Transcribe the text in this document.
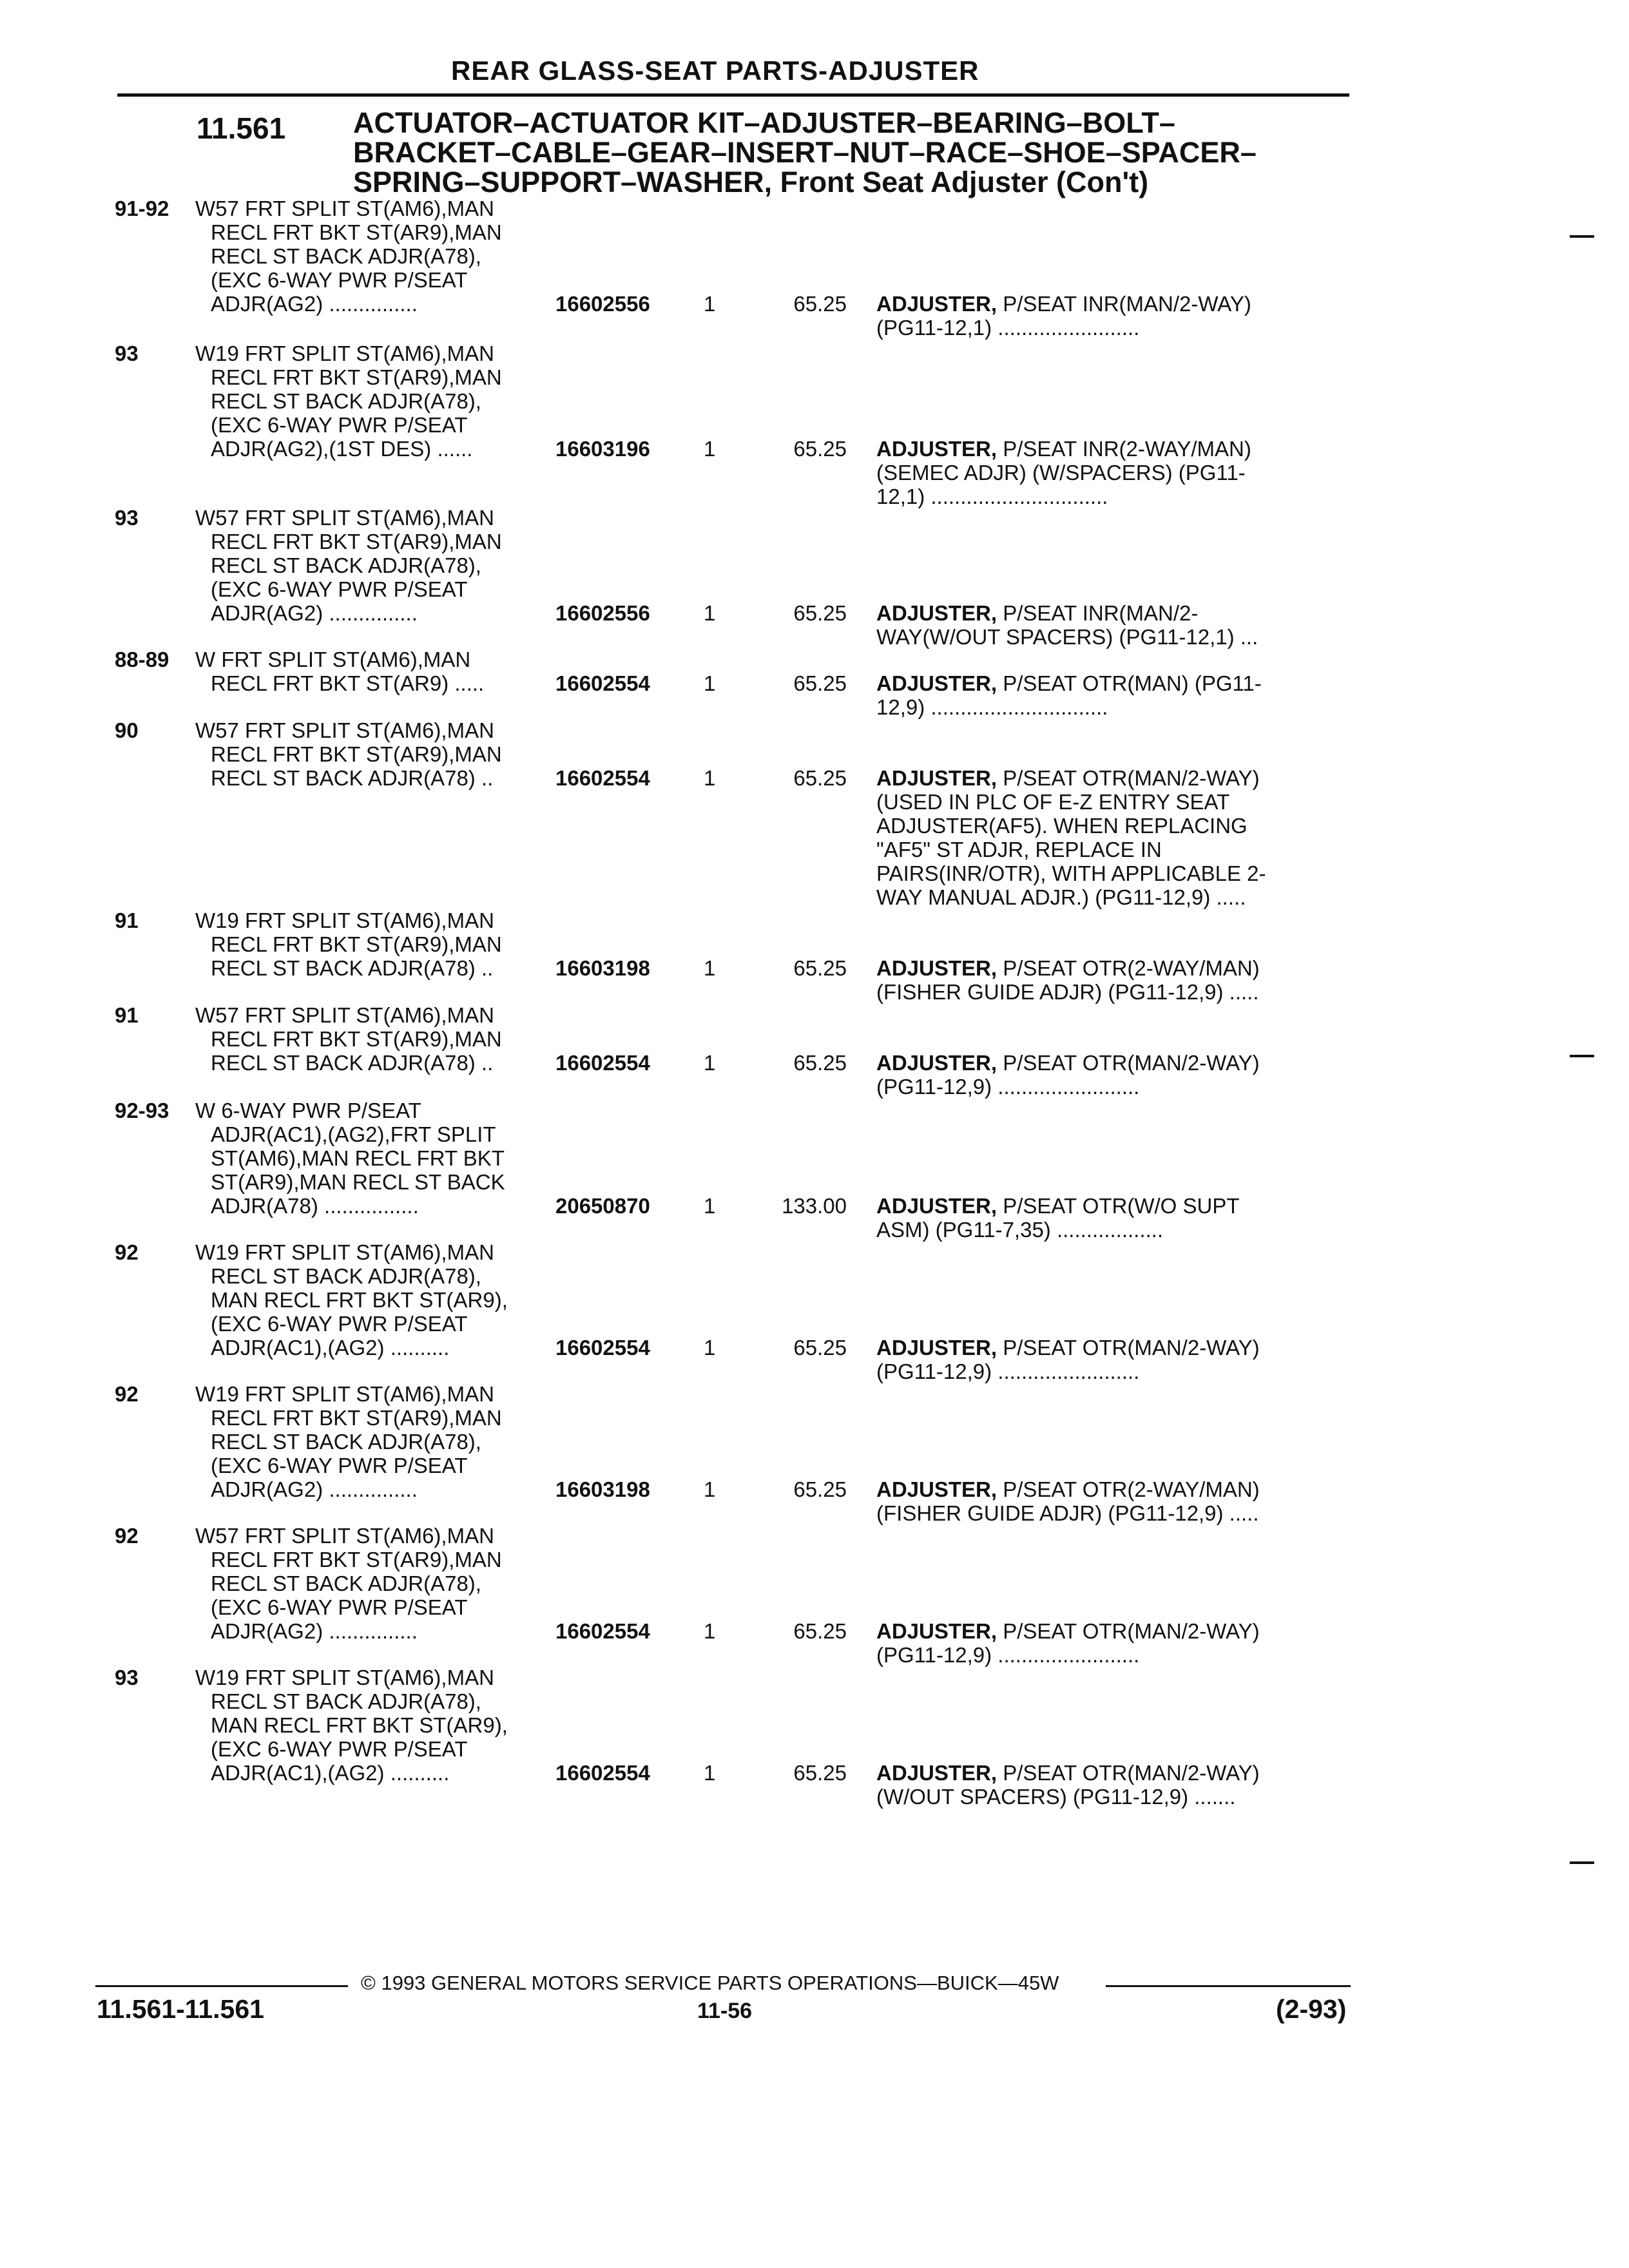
REAR GLASS-SEAT PARTS-ADJUSTER
11.561 ACTUATOR–ACTUATOR KIT–ADJUSTER–BEARING–BOLT–
BRACKET–CABLE–GEAR–INSERT–NUT–RACE–SHOE–SPACER–
SPRING–SUPPORT–WASHER, Front Seat Adjuster (Con't)
91-92 W57 FRT SPLIT ST(AM6),MAN
RECL FRT BKT ST(AR9),MAN
RECL ST BACK ADJR(A78),
(EXC 6-WAY PWR P/SEAT
ADJR(AG2) ...............	16602556	1	65.25 ADJUSTER, P/SEAT INR(MAN/2-WAY)
(PG11-12,1) ........................
93	W19 FRT SPLIT ST(AM6),MAN
RECL FRT BKT ST(AR9),MAN
RECL ST BACK ADJR(A78),
(EXC 6-WAY PWR P/SEAT
ADJR(AG2),(1ST DES) ......	16603196	1	65.25 ADJUSTER, P/SEAT INR(2-WAY/MAN)
(SEMEC ADJR) (W/SPACERS) (PG11-
12,1) ..............................
93	W57 FRT SPLIT ST(AM6),MAN
RECL FRT BKT ST(AR9),MAN
RECL ST BACK ADJR(A78),
(EXC 6-WAY PWR P/SEAT
ADJR(AG2) ...............	16602556	1	65.25 ADJUSTER, P/SEAT INR(MAN/2-
WAY(W/OUT SPACERS) (PG11-12,1) ...
88-89 W FRT SPLIT ST(AM6),MAN
RECL FRT BKT ST(AR9) .....	16602554	1	65.25 ADJUSTER, P/SEAT OTR(MAN) (PG11-
12,9) ..............................
90	W57 FRT SPLIT ST(AM6),MAN
RECL FRT BKT ST(AR9),MAN
RECL ST BACK ADJR(A78) ..	16602554	1	65.25 ADJUSTER, P/SEAT OTR(MAN/2-WAY)
(USED IN PLC OF E-Z ENTRY SEAT
ADJUSTER(AF5). WHEN REPLACING
"AF5" ST ADJR, REPLACE IN
PAIRS(INR/OTR), WITH APPLICABLE 2-
WAY MANUAL ADJR.) (PG11-12,9) .....
91	W19 FRT SPLIT ST(AM6),MAN
RECL FRT BKT ST(AR9),MAN
RECL ST BACK ADJR(A78) ..	16603198	1	65.25 ADJUSTER, P/SEAT OTR(2-WAY/MAN)
(FISHER GUIDE ADJR) (PG11-12,9) .....
91	W57 FRT SPLIT ST(AM6),MAN
RECL FRT BKT ST(AR9),MAN
RECL ST BACK ADJR(A78) ..	16602554	1	65.25 ADJUSTER, P/SEAT OTR(MAN/2-WAY)
(PG11-12,9) ........................
92-93 W 6-WAY PWR P/SEAT
ADJR(AC1),(AG2),FRT SPLIT
ST(AM6),MAN RECL FRT BKT
ST(AR9),MAN RECL ST BACK
ADJR(A78) ................	20650870	1	133.00 ADJUSTER, P/SEAT OTR(W/O SUPT
ASM) (PG11-7,35) ..................
92	W19 FRT SPLIT ST(AM6),MAN
RECL ST BACK ADJR(A78),
MAN RECL FRT BKT ST(AR9),
(EXC 6-WAY PWR P/SEAT
ADJR(AC1),(AG2) ..........	16602554	1	65.25 ADJUSTER, P/SEAT OTR(MAN/2-WAY)
(PG11-12,9) ........................
92	W19 FRT SPLIT ST(AM6),MAN
RECL FRT BKT ST(AR9),MAN
RECL ST BACK ADJR(A78),
(EXC 6-WAY PWR P/SEAT
ADJR(AG2) ...............	16603198	1	65.25 ADJUSTER, P/SEAT OTR(2-WAY/MAN)
(FISHER GUIDE ADJR) (PG11-12,9) .....
92	W57 FRT SPLIT ST(AM6),MAN
RECL FRT BKT ST(AR9),MAN
RECL ST BACK ADJR(A78),
(EXC 6-WAY PWR P/SEAT
ADJR(AG2) ...............	16602554	1	65.25 ADJUSTER, P/SEAT OTR(MAN/2-WAY)
(PG11-12,9) ........................
93	W19 FRT SPLIT ST(AM6),MAN
RECL ST BACK ADJR(A78),
MAN RECL FRT BKT ST(AR9),
(EXC 6-WAY PWR P/SEAT
ADJR(AC1),(AG2) ..........	16602554	1	65.25 ADJUSTER, P/SEAT OTR(MAN/2-WAY)
(W/OUT SPACERS) (PG11-12,9) .......
© 1993 GENERAL MOTORS SERVICE PARTS OPERATIONS—BUICK—45W
11.561-11.561	11-56	(2-93)
